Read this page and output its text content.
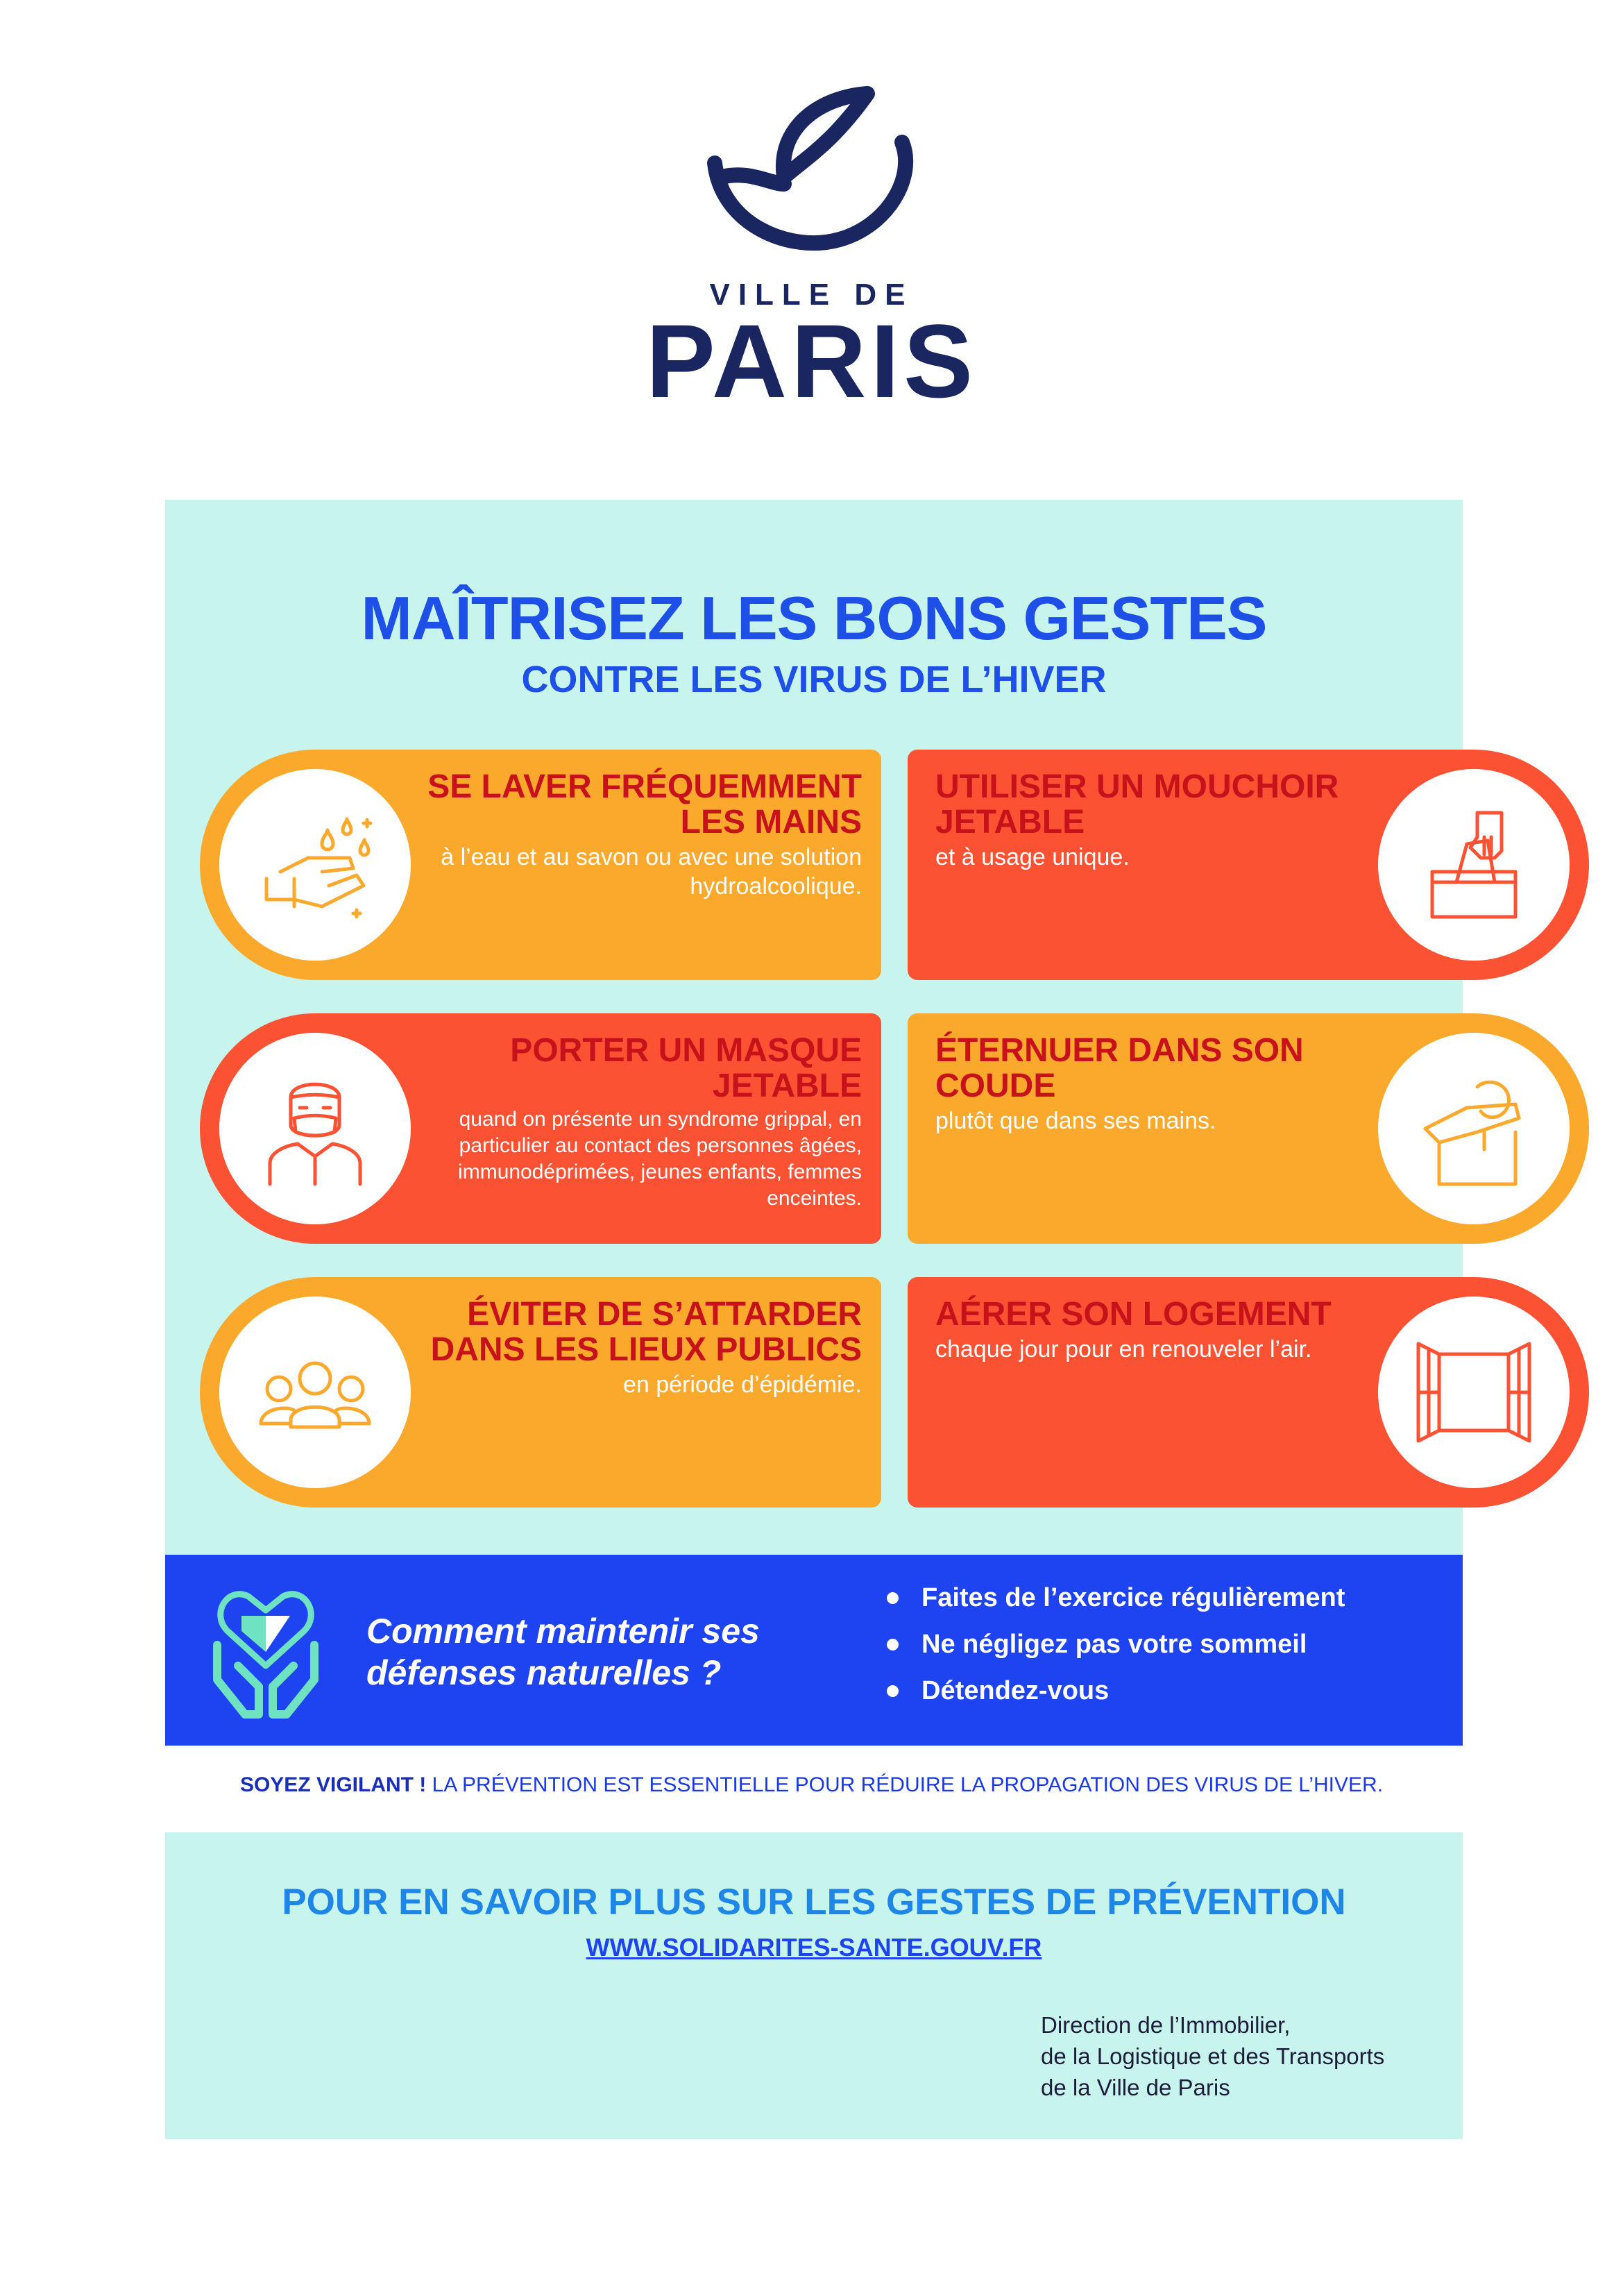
VILLE DE
PARIS
MAÎTRISEZ LES BONS GESTES
CONTRE LES VIRUS DE L’HIVER
SE LAVER FRÉQUEMMENT LES MAINS
à l’eau et au savon ou avec une solution hydroalcoolique.
UTILISER UN MOUCHOIR JETABLE
et à usage unique.
PORTER UN MASQUE JETABLE
quand on présente un syndrome grippal, en particulier au contact des personnes âgées, immunodéprimées, jeunes enfants, femmes enceintes.
ÉTERNUER DANS SON COUDE
plutôt que dans ses mains.
ÉVITER DE S’ATTARDER DANS LES LIEUX PUBLICS
en période d’épidémie.
AÉRER SON LOGEMENT
chaque jour pour en renouveler l’air.
Comment maintenir ses défenses naturelles ?
Faites de l’exercice régulièrement
Ne négligez pas votre sommeil
Détendez-vous
SOYEZ VIGILANT ! LA PRÉVENTION EST ESSENTIELLE POUR RÉDUIRE LA PROPAGATION DES VIRUS DE L’HIVER.
POUR EN SAVOIR PLUS SUR LES GESTES DE PRÉVENTION
WWW.SOLIDARITES-SANTE.GOUV.FR
Direction de l’Immobilier,
de la Logistique et des Transports
de la Ville de Paris
